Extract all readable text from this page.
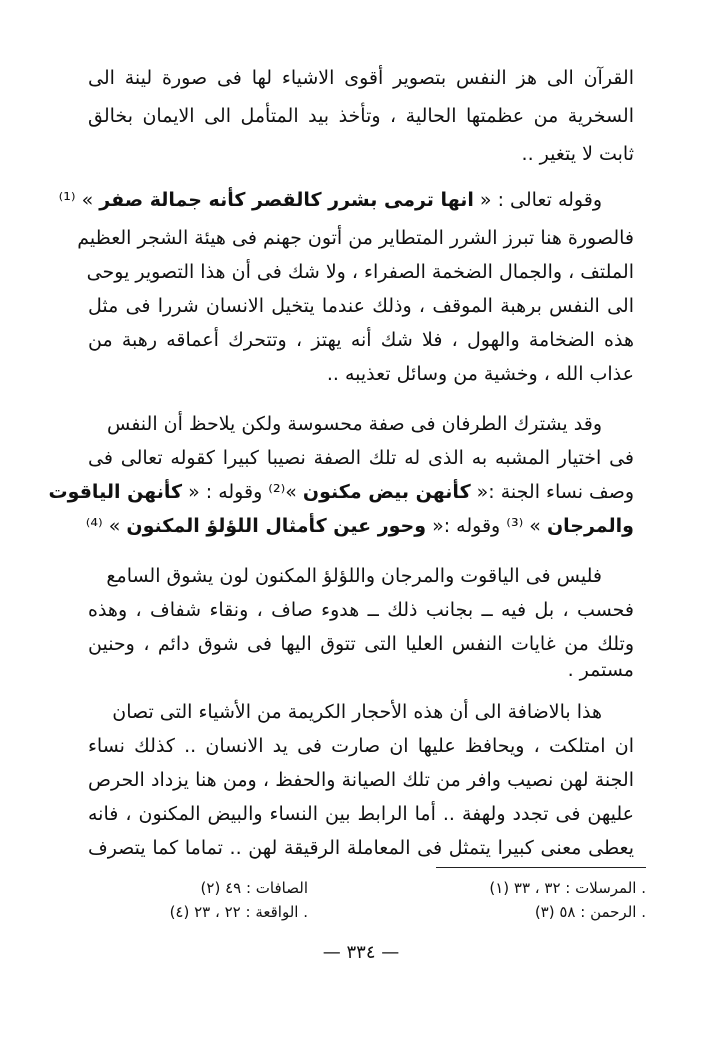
القرآن الى هز النفس بتصوير أقوى الاشياء لها فى صورة لينة الى
السخرية من عظمتها الحالية ، وتأخذ بيد المتأمل الى الايمان بخالق
ثابت لا يتغير ..
وقوله تعالى : « انها ترمى بشرر كالقصر كأنه جمالة صفر » ⁽¹⁾
فالصورة هنا تبرز الشرر المتطاير من أتون جهنم فى هيئة الشجر العظيم
الملتف ، والجمال الضخمة الصفراء ، ولا شك فى أن هذا التصوير يوحى
الى النفس برهبة الموقف ، وذلك عندما يتخيل الانسان شررا فى مثل
هذه الضخامة والهول ، فلا شك أنه يهتز ، وتتحرك أعماقه رهبة من
عذاب الله ، وخشية من وسائل تعذيبه ..
وقد يشترك الطرفان فى صفة محسوسة ولكن يلاحظ أن النفس
فى اختيار المشبه به الذى له تلك الصفة نصيبا كبيرا كقوله تعالى فى
وصف نساء الجنة :« كأنهن بيض مكنون »⁽²⁾ وقوله : « كأنهن الياقوت
والمرجان » ⁽³⁾ وقوله :« وحور عين كأمثال اللؤلؤ المكنون » ⁽⁴⁾
فليس فى الياقوت والمرجان واللؤلؤ المكنون لون يشوق السامع
فحسب ، بل فيه ــ بجانب ذلك ــ هدوء صاف ، ونقاء شفاف ، وهذه
وتلك من غايات النفس العليا التى تتوق اليها فى شوق دائم ، وحنين
مستمر .
هذا بالاضافة الى أن هذه الأحجار الكريمة من الأشياء التى تصان
ان امتلكت ، ويحافظ عليها ان صارت فى يد الانسان .. كذلك نساء
الجنة لهن نصيب وافر من تلك الصيانة والحفظ ، ومن هنا يزداد الحرص
عليهن فى تجدد ولهفة .. أما الرابط بين النساء والبيض المكنون ، فانه
يعطى معنى كبيرا يتمثل فى المعاملة الرقيقة لهن .. تماما كما يتصرف
(١) المرسلات : ٣٢ ، ٣٣ .
(٢) الصافات : ٤٩
(٣) الرحمن : ٥٨ .
(٤) الواقعة : ٢٢ ، ٢٣ .
— ٣٣٤ —
